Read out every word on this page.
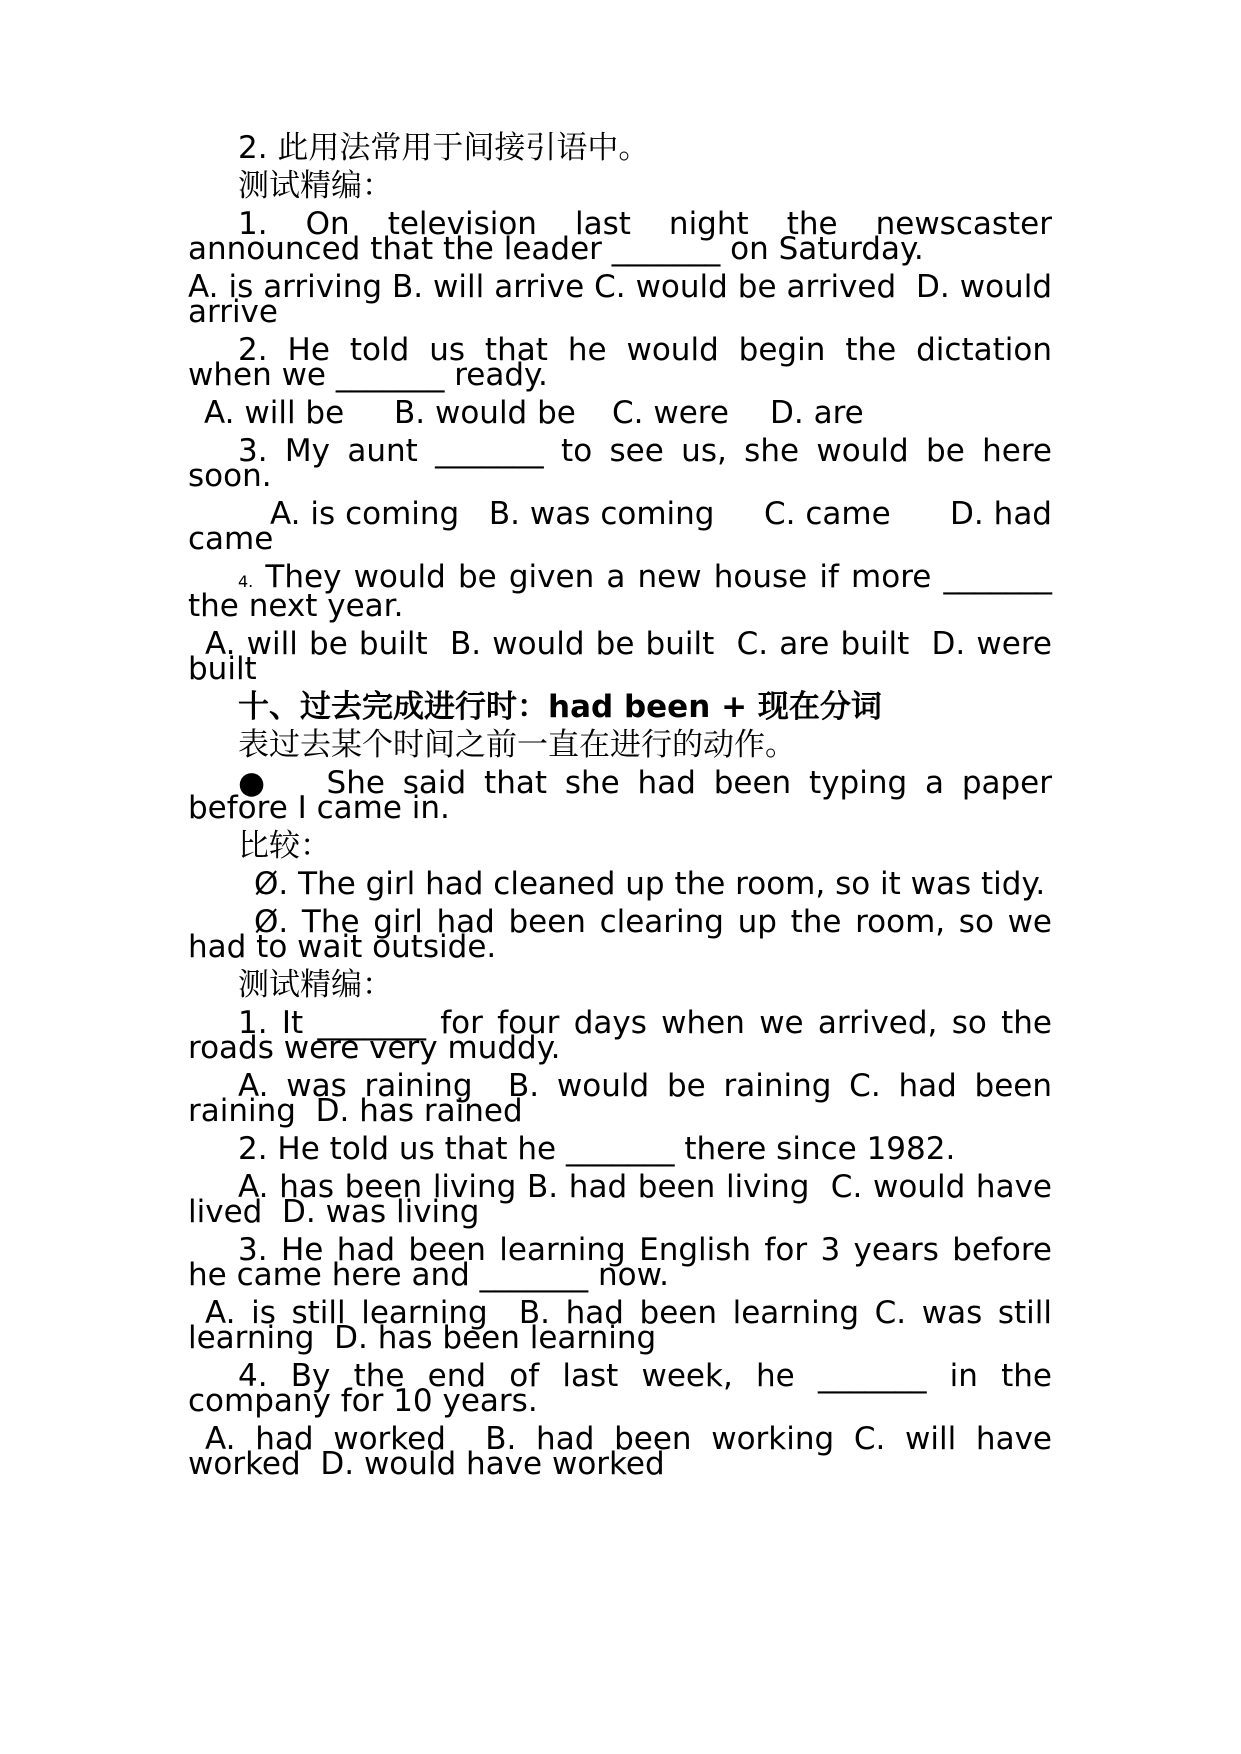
2. 此用法常用于间接引语中。

测试精编：

1. On television last night the newscaster announced that the leader _______ on Saturday.

A. is arriving B. will arrive C. would be arrived  D. would arrive

2. He told us that he would begin the dictation when we _______ ready.

A. will be	B. would be	C. were	D. are

3. My aunt _______ to see us, she would be here soon.

A. is coming   B. was coming     C. came      D. had came

4. They would be given a new house if more _______ the next year.

A. will be built  B. would be built  C. are built  D. were built

十、过去完成进行时：had been + 现在分词

表过去某个时间之前一直在进行的动作。

●   She said that she had been typing a paper before I came in.

比较：

Ø. The girl had cleaned up the room, so it was tidy.

Ø. The girl had been clearing up the room, so we had to wait outside.

测试精编：

1. It _______ for four days when we arrived, so the roads were very muddy.

A. was raining  B. would be raining C. had been raining  D. has rained

2. He told us that he _______ there since 1982.

A. has been living B. had been living  C. would have lived  D. was living

3. He had been learning English for 3 years before he came here and _______ now.

A. is still learning  B. had been learning C. was still learning  D. has been learning

4. By the end of last week, he _______ in the company for 10 years.

A. had worked  B. had been working C. will have worked  D. would have worked
